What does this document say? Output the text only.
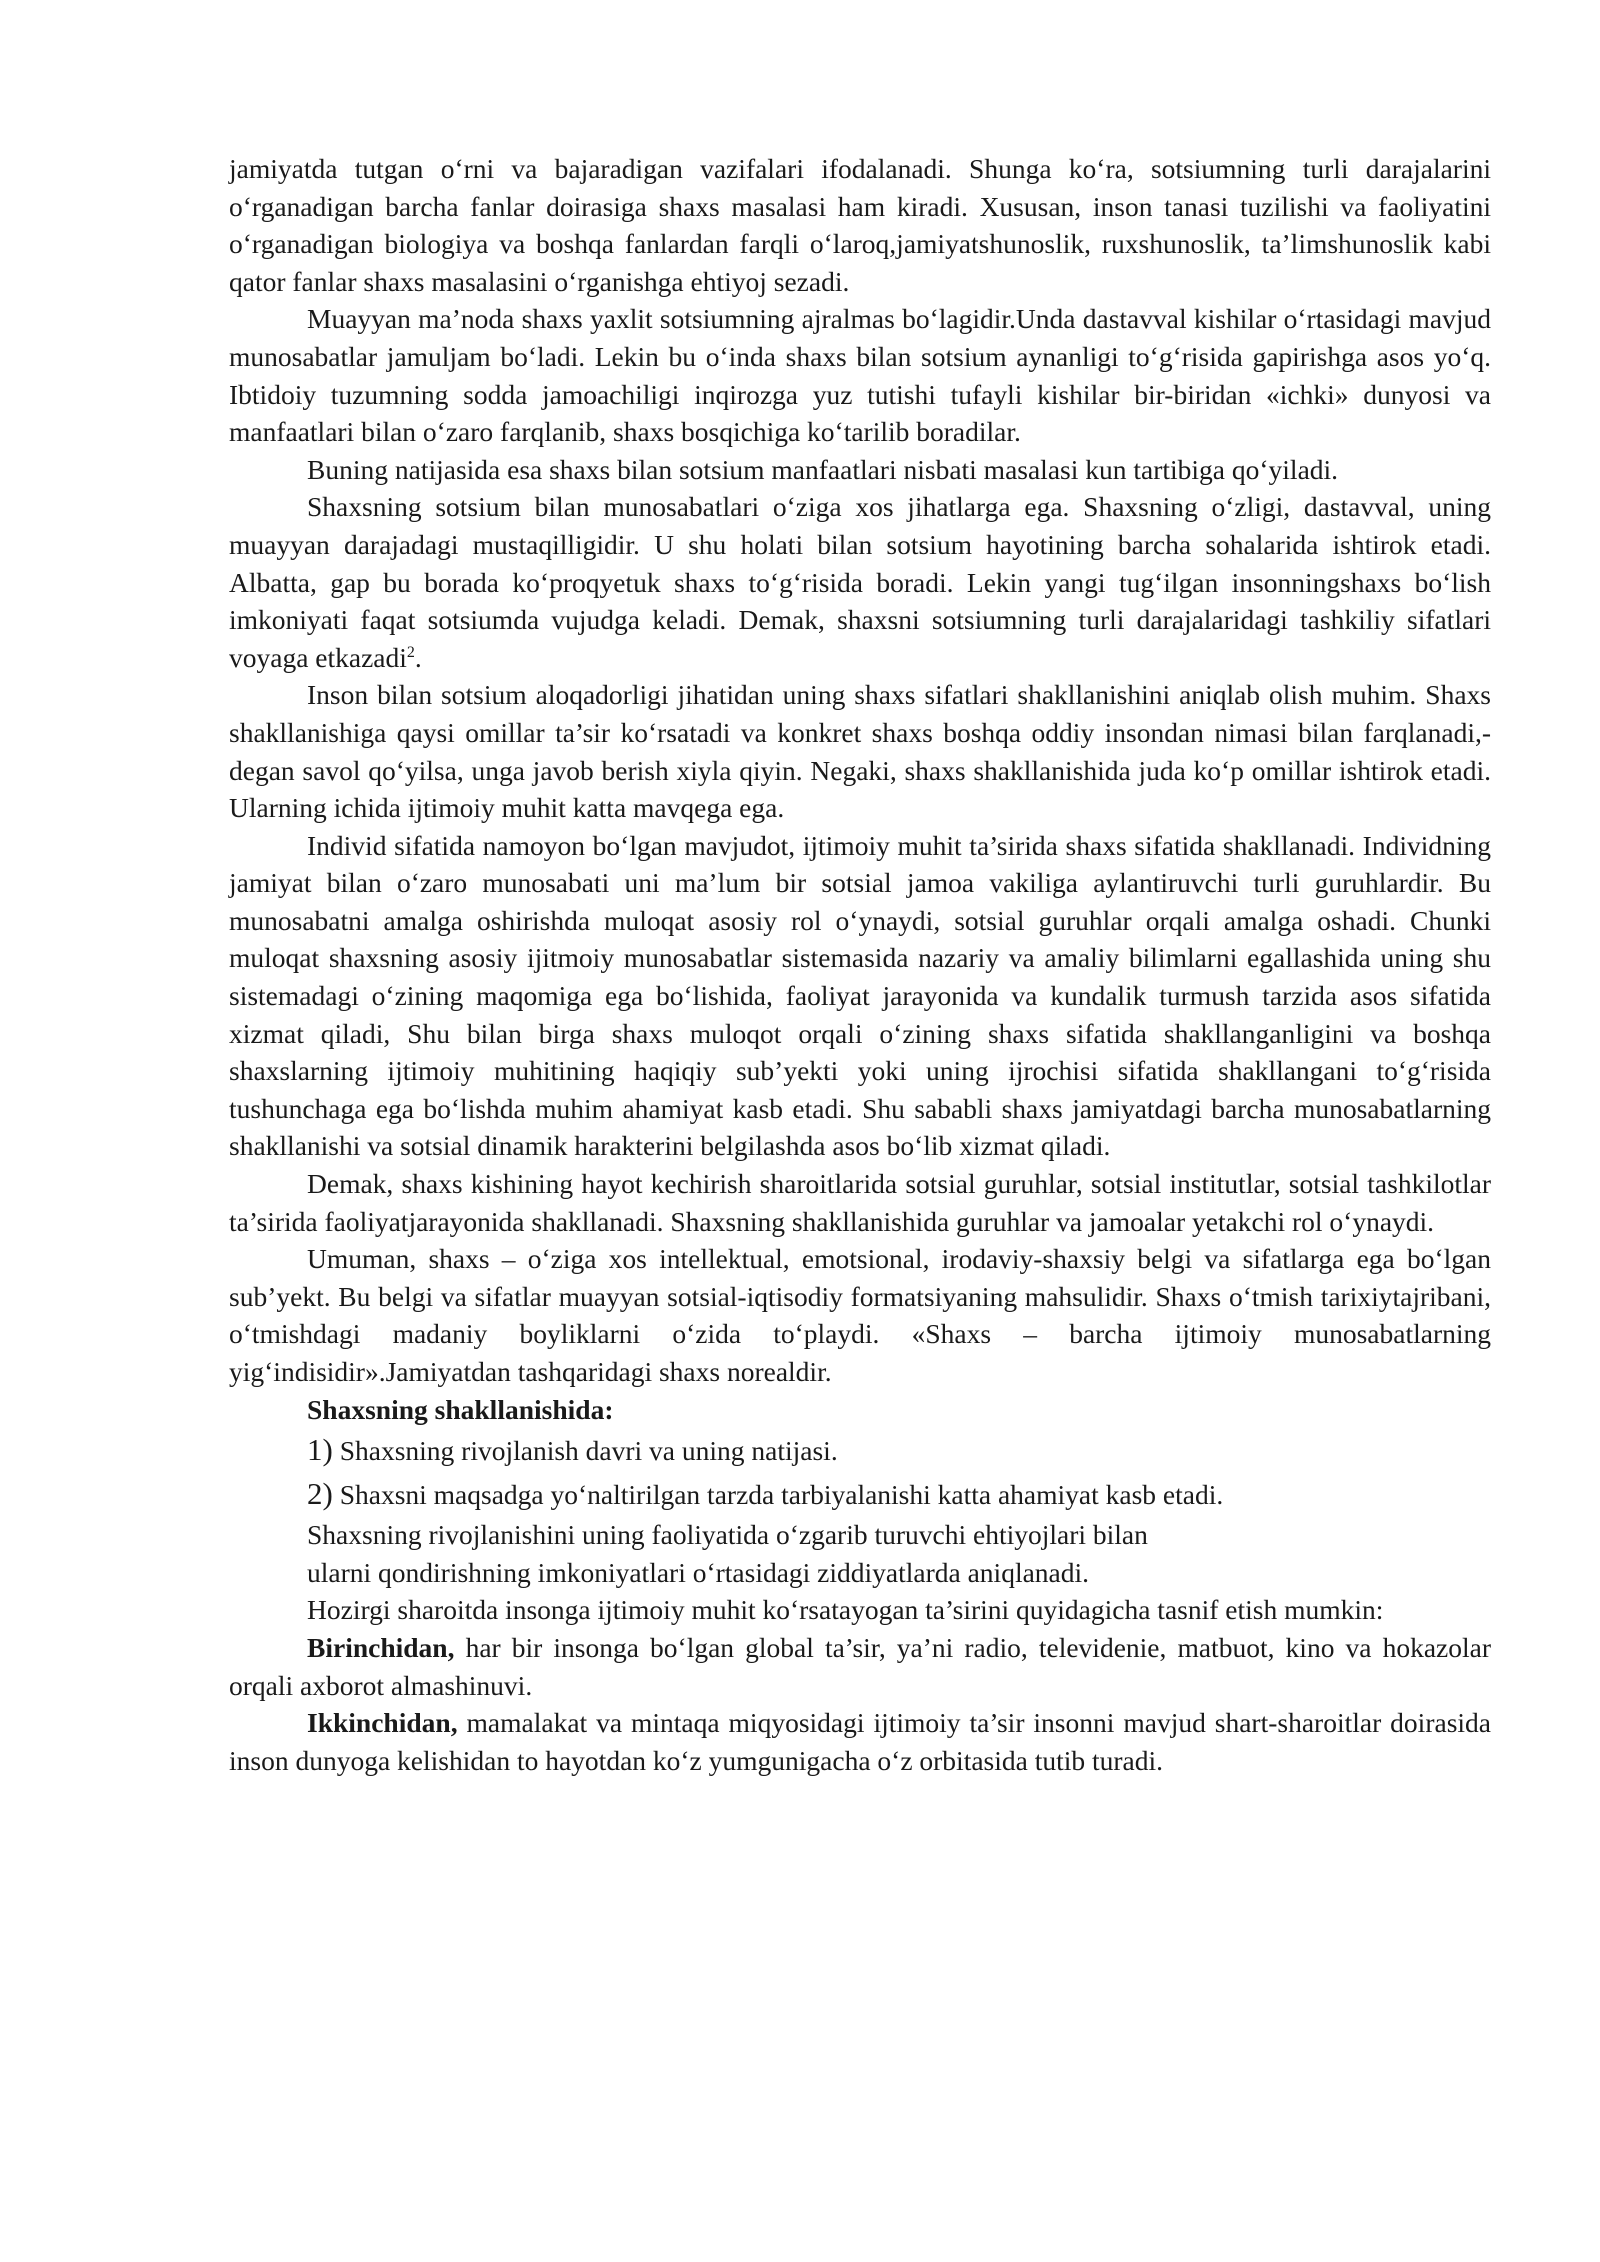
jamiyatda tutgan o‘rni va bajaradigan vazifalari ifodalanadi. Shunga ko‘ra, sotsiumning turli darajalarini o‘rganadigan barcha fanlar doirasiga shaxs masalasi ham kiradi. Xususan, inson tanasi tuzilishi va faoliyatini o‘rganadigan biologiya va boshqa fanlardan farqli o‘laroq,jamiyatshunoslik, ruxshunoslik, ta’limshunoslik kabi qator fanlar shaxs masalasini o‘rganishga ehtiyoj sezadi.

Muayyan ma’noda shaxs yaxlit sotsiumning ajralmas bo‘lagidir.Unda dastavval kishilar o‘rtasidagi mavjud munosabatlar jamuljam bo‘ladi. Lekin bu o‘inda shaxs bilan sotsium aynanligi to‘g‘risida gapirishga asos yo‘q. Ibtidoiy tuzumning sodda jamoachiligi inqirozga yuz tutishi tufayli kishilar bir-biridan «ichki» dunyosi va manfaatlari bilan o‘zaro farqlanib, shaxs bosqichiga ko‘tarilib boradilar.

Buning natijasida esa shaxs bilan sotsium manfaatlari nisbati masalasi kun tartibiga qo‘yiladi.

Shaxsning sotsium bilan munosabatlari o‘ziga xos jihatlarga ega. Shaxsning o‘zligi, dastavval, uning muayyan darajadagi mustaqilligidir. U shu holati bilan sotsium hayotining barcha sohalarida ishtirok etadi. Albatta, gap bu borada ko‘proqyetuk shaxs to‘g‘risida boradi. Lekin yangi tug‘ilgan insonningshaxs bo‘lish imkoniyati faqat sotsiumda vujudga keladi. Demak, shaxsni sotsiumning turli darajalaridagi tashkiliy sifatlari voyaga etkazadi$^2$.

Inson bilan sotsium aloqadorligi jihatidan uning shaxs sifatlari shakllanishini aniqlab olish muhim. Shaxs shakllanishiga qaysi omillar ta’sir ko‘rsatadi va konkret shaxs boshqa oddiy insondan nimasi bilan farqlanadi,- degan savol qo‘yilsa, unga javob berish xiyla qiyin. Negaki, shaxs shakllanishida juda ko‘p omillar ishtirok etadi. Ularning ichida ijtimoiy muhit katta mavqega ega.

Individ sifatida namoyon bo‘lgan mavjudot, ijtimoiy muhit ta’sirida shaxs sifatida shakllanadi. Individning jamiyat bilan o‘zaro munosabati uni ma’lum bir sotsial jamoa vakiliga aylantiruvchi turli guruhlardir. Bu munosabatni amalga oshirishda muloqat asosiy rol o‘ynaydi, sotsial guruhlar orqali amalga oshadi. Chunki muloqat shaxsning asosiy ijitmoiy munosabatlar sistemasida nazariy va amaliy bilimlarni egallashida uning shu sistemadagi o‘zining maqomiga ega bo‘lishida, faoliyat jarayonida va kundalik turmush tarzida asos sifatida xizmat qiladi, Shu bilan birga shaxs muloqot orqali o‘zining shaxs sifatida shakllanganligini va boshqa shaxslarning ijtimoiy muhitining haqiqiy sub’yekti yoki uning ijrochisi sifatida shakllangani to‘g‘risida tushunchaga ega bo‘lishda muhim ahamiyat kasb etadi. Shu sababli shaxs jamiyatdagi barcha munosabatlarning shakllanishi va sotsial dinamik harakterini belgilashda asos bo‘lib xizmat qiladi.

Demak, shaxs kishining hayot kechirish sharoitlarida sotsial guruhlar, sotsial institutlar, sotsial tashkilotlar ta’sirida faoliyatjarayonida shakllanadi. Shaxsning shakllanishida guruhlar va jamoalar yetakchi rol o‘ynaydi.

Umuman, shaxs – o‘ziga xos intellektual, emotsional, irodaviy-shaxsiy belgi va sifatlarga ega bo‘lgan sub’yekt. Bu belgi va sifatlar muayyan sotsial-iqtisodiy formatsiyaning mahsulidir. Shaxs o‘tmish tarixiytajribani, o‘tmishdagi madaniy boyliklarni o‘zida to‘playdi. «Shaxs – barcha ijtimoiy munosabatlarning yig‘indisidir».Jamiyatdan tashqaridagi shaxs norealdir.

Shaxsning shakllanishida:

1) Shaxsning rivojlanish davri va uning natijasi.

2) Shaxsni maqsadga yo‘naltirilgan tarzda tarbiyalanishi katta ahamiyat kasb etadi.

Shaxsning rivojlanishini uning faoliyatida o‘zgarib turuvchi ehtiyojlari bilan

ularni qondirishning imkoniyatlari o‘rtasidagi ziddiyatlarda aniqlanadi.

Hozirgi sharoitda insonga ijtimoiy muhit ko‘rsatayogan ta’sirini quyidagicha tasnif etish mumkin:

Birinchidan, har bir insonga bo‘lgan global ta’sir, ya’ni radio, televidenie, matbuot, kino va hokazolar orqali axborot almashinuvi.

Ikkinchidan, mamalakat va mintaqa miqyosidagi ijtimoiy ta’sir insonni mavjud shart-sharoitlar doirasida inson dunyoga kelishidan to hayotdan ko‘z yumgunigacha o‘z orbitasida tutib turadi.
